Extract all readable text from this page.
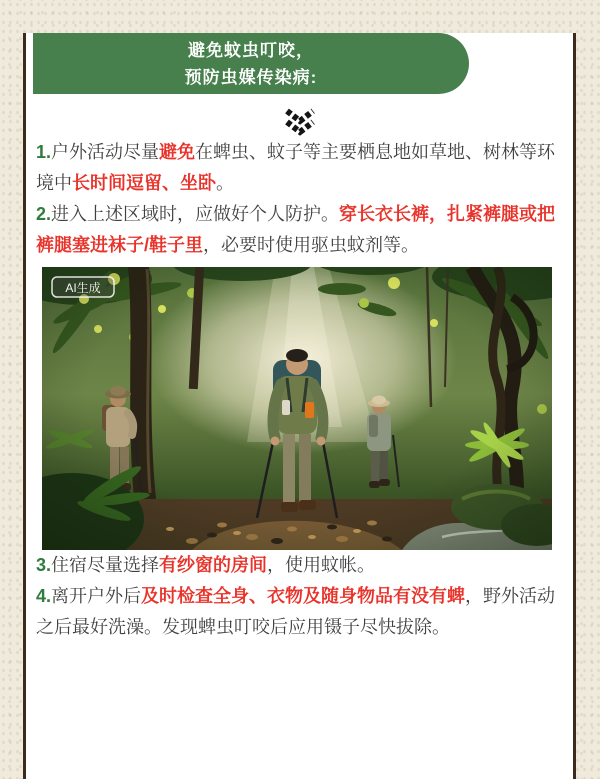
避免蚊虫叮咬，
预防虫媒传染病:

1.户外活动尽量避免在蜱虫、蚊子等主要栖息地如草地、树林等环境中长时间逗留、坐卧。

2.进入上述区域时，应做好个人防护。穿长衣长裤，扎紧裤腿或把裤腿塞进袜子/鞋子里，必要时使用驱虫蚊剂等。

AI生成

3.住宿尽量选择有纱窗的房间，使用蚊帐。

4.离开户外后及时检查全身、衣物及随身物品有没有蜱，野外活动之后最好洗澡。发现蜱虫叮咬后应用镊子尽快拔除。
